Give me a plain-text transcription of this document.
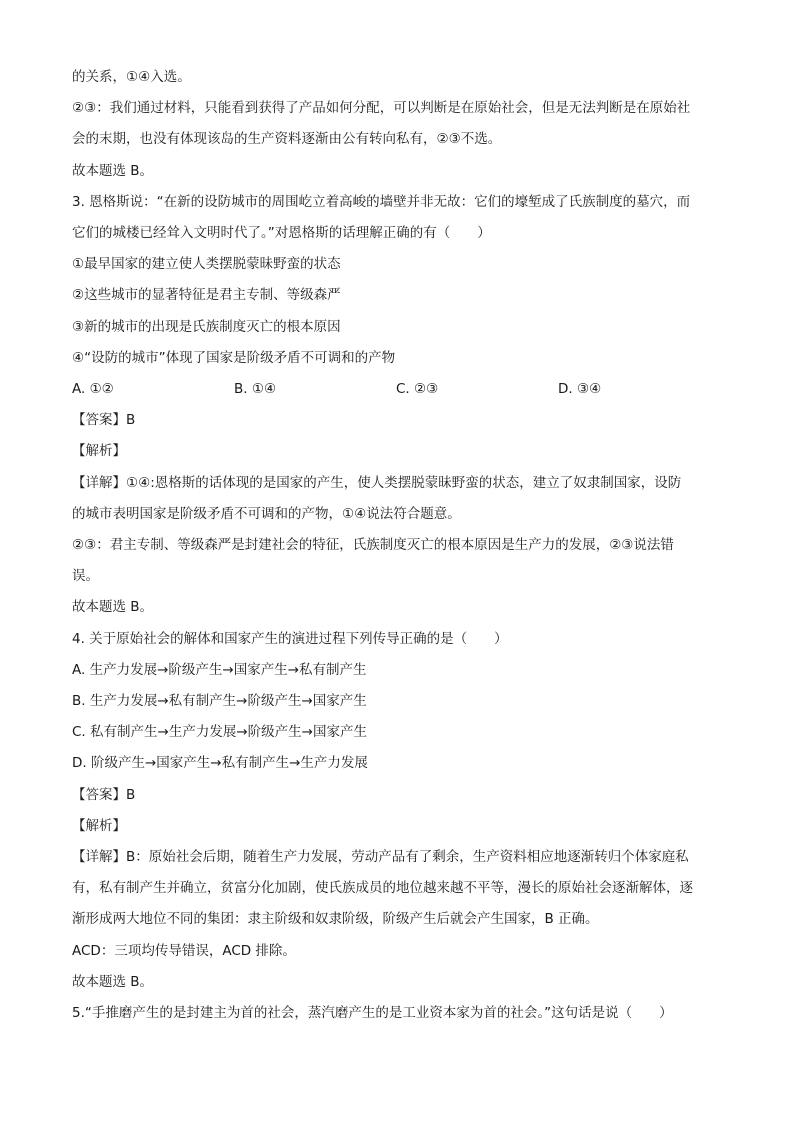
的关系，①④入选。
②③：我们通过材料，只能看到获得了产品如何分配，可以判断是在原始社会，但是无法判断是在原始社
会的末期，也没有体现该岛的生产资料逐渐由公有转向私有，②③不选。
故本题选 B。
3. 恩格斯说：“在新的设防城市的周围屹立着高峻的墙壁并非无故：它们的壕堑成了氏族制度的墓穴，而
它们的城楼已经耸入文明时代了。”对恩格斯的话理解正确的有（　　）
①最早国家的建立使人类摆脱蒙昧野蛮的状态
②这些城市的显著特征是君主专制、等级森严
③新的城市的出现是氏族制度灭亡的根本原因
④“设防的城市”体现了国家是阶级矛盾不可调和的产物
A. ①②	B. ①④	C. ②③	D. ③④
【答案】B
【解析】
【详解】①④:恩格斯的话体现的是国家的产生，使人类摆脱蒙昧野蛮的状态，建立了奴隶制国家，设防
的城市表明国家是阶级矛盾不可调和的产物，①④说法符合题意。
②③：君主专制、等级森严是封建社会的特征，氏族制度灭亡的根本原因是生产力的发展，②③说法错
误。
故本题选 B。
4. 关于原始社会的解体和国家产生的演进过程下列传导正确的是（　　）
A. 生产力发展→阶级产生→国家产生→私有制产生
B. 生产力发展→私有制产生→阶级产生→国家产生
C. 私有制产生→生产力发展→阶级产生→国家产生
D. 阶级产生→国家产生→私有制产生→生产力发展
【答案】B
【解析】
【详解】B：原始社会后期，随着生产力发展，劳动产品有了剩余，生产资料相应地逐渐转归个体家庭私
有，私有制产生并确立，贫富分化加剧，使氏族成员的地位越来越不平等，漫长的原始社会逐渐解体，逐
渐形成两大地位不同的集团：隶主阶级和奴隶阶级，阶级产生后就会产生国家，B 正确。
ACD：三项均传导错误，ACD 排除。
故本题选 B。
5.“手推磨产生的是封建主为首的社会，蒸汽磨产生的是工业资本家为首的社会。”这句话是说（　　）
